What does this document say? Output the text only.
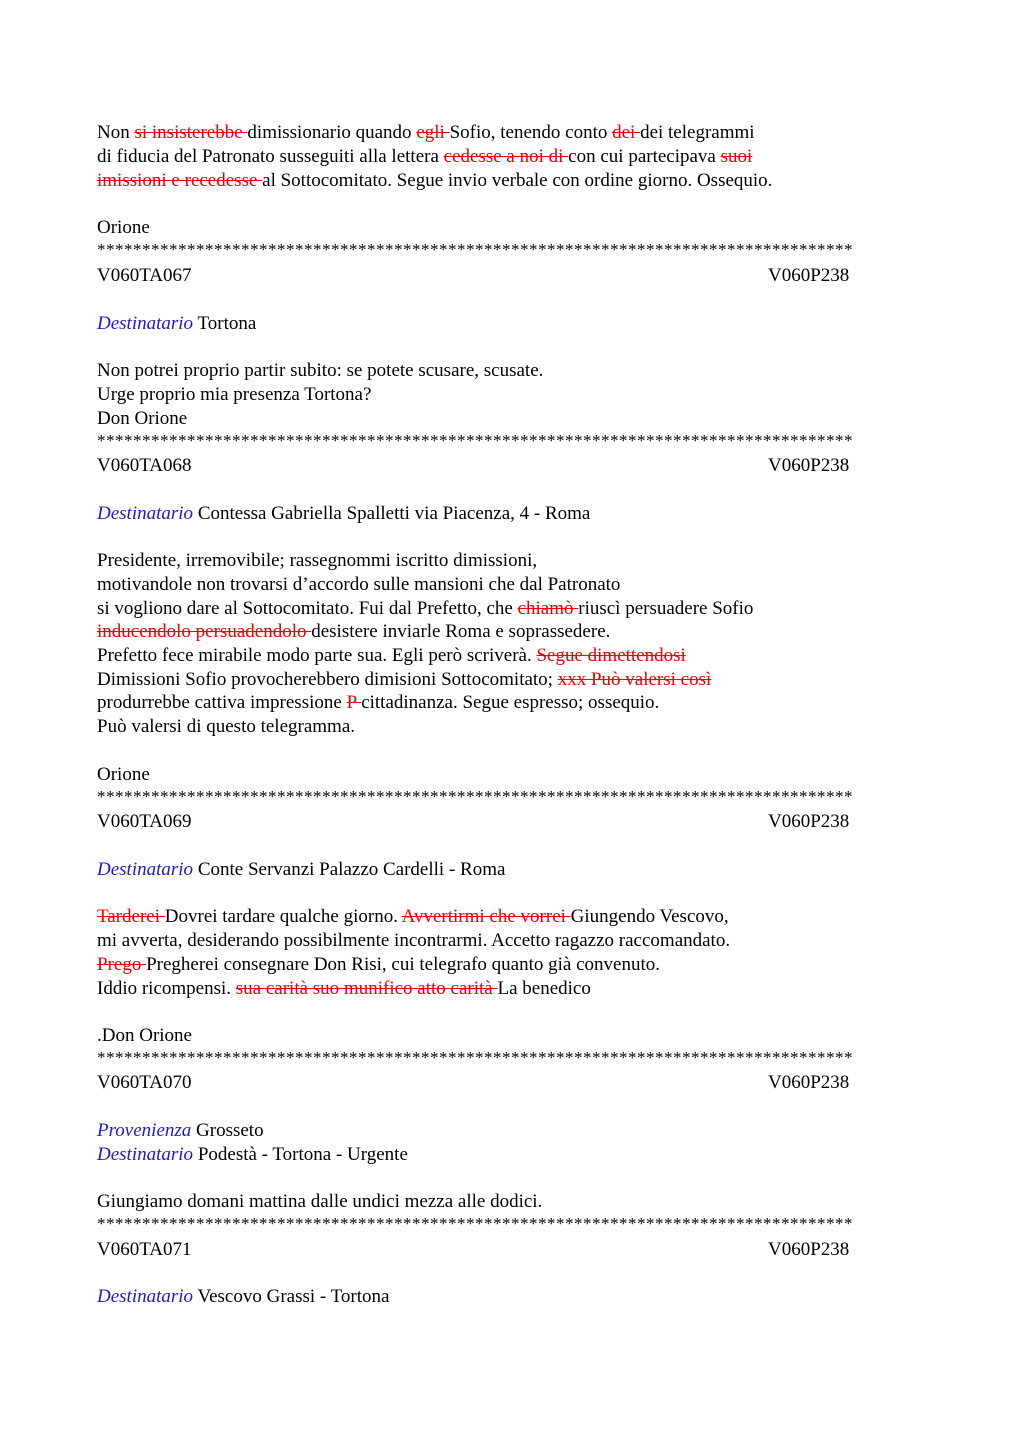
Non si insisterebbe dimissionario quando egli Sofio, tenendo conto dei dei telegrammi
di fiducia del Patronato susseguiti alla lettera cedesse a noi di con cui partecipava suoi
imissioni e recedesse al Sottocomitato. Segue invio verbale con ordine giorno. Ossequio.
Orione
************************************************************************************
V060TA067	V060P238
Destinatario Tortona
Non potrei proprio partir subito: se potete scusare, scusate.
Urge proprio mia presenza Tortona?
Don Orione
************************************************************************************
V060TA068	V060P238
Destinatario Contessa Gabriella Spalletti via Piacenza, 4 - Roma
Presidente, irremovibile; rassegnommi iscritto dimissioni,
motivandole non trovarsi d’accordo sulle mansioni che dal Patronato
si vogliono dare al Sottocomitato. Fui dal Prefetto, che chiamò riuscì persuadere Sofio
inducendolo persuadendolo desistere inviarle Roma e soprassedere.
Prefetto fece mirabile modo parte sua. Egli però scriverà. Segue dimettendosi
Dimissioni Sofio provocherebbero dimisioni Sottocomitato; xxx Può valersi così
produrrebbe cattiva impressione P cittadinanza. Segue espresso; ossequio.
Può valersi di questo telegramma.
Orione
************************************************************************************
V060TA069	V060P238
Destinatario Conte Servanzi Palazzo Cardelli - Roma
Tarderei Dovrei tardare qualche giorno. Avvertirmi che vorrei Giungendo Vescovo,
mi avverta, desiderando possibilmente incontrarmi. Accetto ragazzo raccomandato.
Prego Pregherei consegnare Don Risi, cui telegrafo quanto già convenuto.
Iddio ricompensi. sua carità suo munifico atto carità La benedico
.Don Orione
************************************************************************************
V060TA070	V060P238
Provenienza Grosseto
Destinatario Podestà - Tortona - Urgente
Giungiamo domani mattina dalle undici mezza alle dodici.
************************************************************************************
V060TA071	V060P238
Destinatario Vescovo Grassi - Tortona
